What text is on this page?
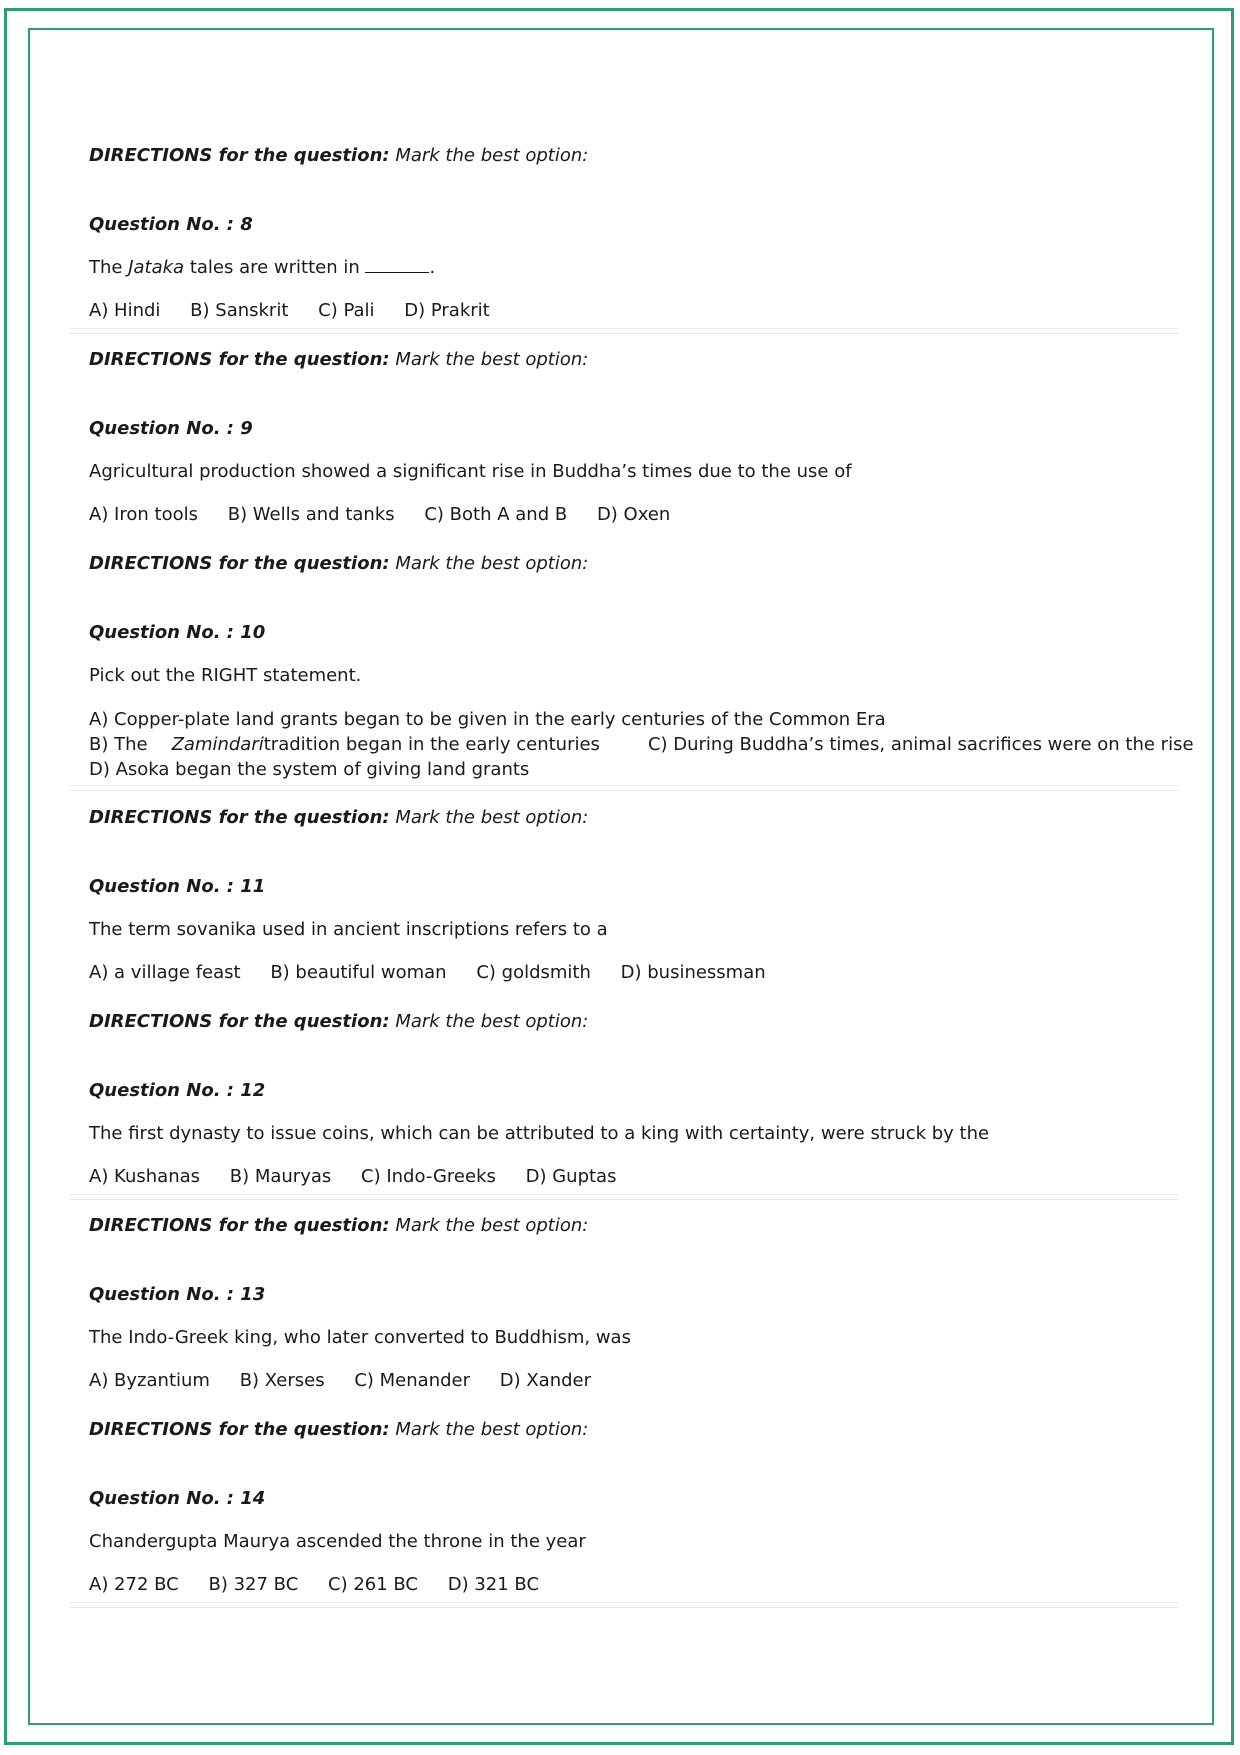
DIRECTIONS for the question: Mark the best option:
Question No. : 8
The Jataka tales are written in	.
A) Hindi B) Sanskrit C) Pali D) Prakrit
DIRECTIONS for the question: Mark the best option:
Question No. : 9
Agricultural production showed a significant rise in Buddha’s times due to the use of
A) Iron tools B) Wells and tanks C) Both A and B D) Oxen
DIRECTIONS for the question: Mark the best option:
Question No. : 10
Pick out the RIGHT statement.
A) Copper-plate land grants began to be given in the early centuries of the Common Era
B) The Zamindaritradition began in the early centuries	C) During Buddha’s times, animal sacrifices were on the rise
D) Asoka began the system of giving land grants
DIRECTIONS for the question: Mark the best option:
Question No. : 11
The term sovanika used in ancient inscriptions refers to a
A) a village feast B) beautiful woman C) goldsmith D) businessman
DIRECTIONS for the question: Mark the best option:
Question No. : 12
The first dynasty to issue coins, which can be attributed to a king with certainty, were struck by the
A) Kushanas B) Mauryas C) Indo-Greeks D) Guptas
DIRECTIONS for the question: Mark the best option:
Question No. : 13
The Indo-Greek king, who later converted to Buddhism, was
A) Byzantium B) Xerses C) Menander D) Xander
DIRECTIONS for the question: Mark the best option:
Question No. : 14
Chandergupta Maurya ascended the throne in the year
A) 272 BC B) 327 BC C) 261 BC D) 321 BC
